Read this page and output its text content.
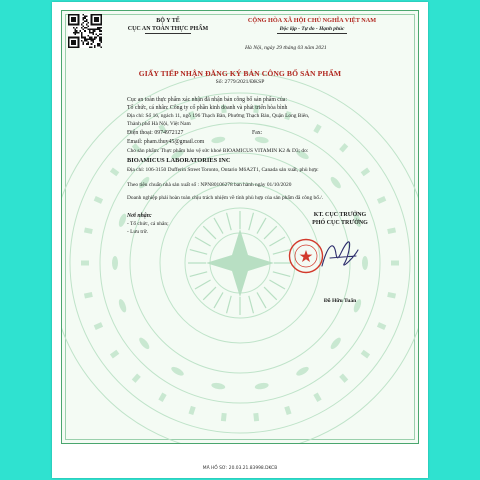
BỘ Y TẾ
CỤC AN TOÀN THỰC PHẨM
CỘNG HÒA XÃ HỘI CHỦ NGHĨA VIỆT NAM
Độc lập - Tự do - Hạnh phúc
Hà Nội, ngày 29 tháng 03 năm 2021
GIẤY TIẾP NHẬN ĐĂNG KÝ BẢN CÔNG BỐ SẢN PHẨM
Số: 2779/2021/ĐKSP
Cục an toàn thực phẩm xác nhận đã nhận bản công bố sản phẩm của:
Tổ chức, cá nhân: Công ty cổ phần kinh doanh và phát triển hòa bình
Địa chỉ: Số 16, ngách 11, ngõ 196 Thạch Bàn, Phường Thạch Bàn, Quận Long Biên,
Thành phố Hà Nội, Việt Nam
Điện thoại: 0974972127	Fax:
Email: pham.thuy45@gmail.com
Cho sản phẩm: Thực phẩm bảo vệ sức khoẻ BIOAMICUS VITAMIN K2 & D3; do:
BIOAMICUS LABORATORIES INC
Địa chỉ: 106-3150 Dufferin Street Toronto, Ontario M6A2T1, Canada sản xuất, phù hợp:
Theo tiêu chuẩn nhà sản xuất số : NPN80106278 ban hành ngày 01/10/2020
Doanh nghiệp phải hoàn toàn chịu trách nhiệm về tính phù hợp của sản phẩm đã công bố./.
Nơi nhận:
- Tổ chức, cá nhân;
- Lưu trữ.
KT. CỤC TRƯỞNG
PHÓ CỤC TRƯỞNG
Đỗ Hữu Tuấn
MÃ HỒ SƠ: 20.03.21.83998.DKCB
